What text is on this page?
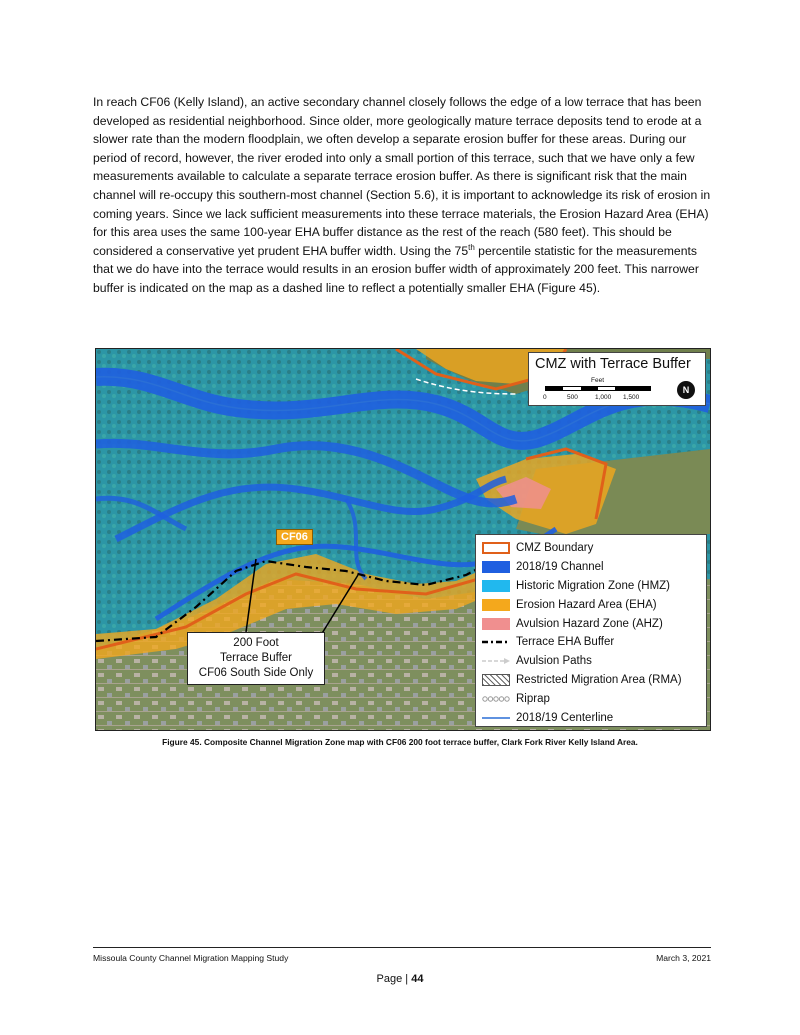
In reach CF06 (Kelly Island), an active secondary channel closely follows the edge of a low terrace that has been developed as residential neighborhood. Since older, more geologically mature terrace deposits tend to erode at a slower rate than the modern floodplain, we often develop a separate erosion buffer for these areas. During our period of record, however, the river eroded into only a small portion of this terrace, such that we have only a few measurements available to calculate a separate terrace erosion buffer. As there is significant risk that the main channel will re-occupy this southern-most channel (Section 5.6), it is important to acknowledge its risk of erosion in coming years. Since we lack sufficient measurements into these terrace materials, the Erosion Hazard Area (EHA) for this area uses the same 100-year EHA buffer distance as the rest of the reach (580 feet). This should be considered a conservative yet prudent EHA buffer width. Using the 75th percentile statistic for the measurements that we do have into the terrace would results in an erosion buffer width of approximately 200 feet. This narrower buffer is indicated on the map as a dashed line to reflect a potentially smaller EHA (Figure 45).

CMZ with Terrace Buffer
Feet
0	500	1,000 1,500
N
CF06
200 Foot
Terrace Buffer
CF06 South Side Only
CMZ Boundary
2018/19 Channel
Historic Migration Zone (HMZ)
Erosion Hazard Area (EHA)
Avulsion Hazard Zone (AHZ)
Terrace EHA Buffer
Avulsion Paths
Restricted Migration Area (RMA)
Riprap
2018/19 Centerline
Figure 45. Composite Channel Migration Zone map with CF06 200 foot terrace buffer, Clark Fork River Kelly Island Area.
Missoula County Channel Migration Mapping Study	March 3, 2021
Page | 44
